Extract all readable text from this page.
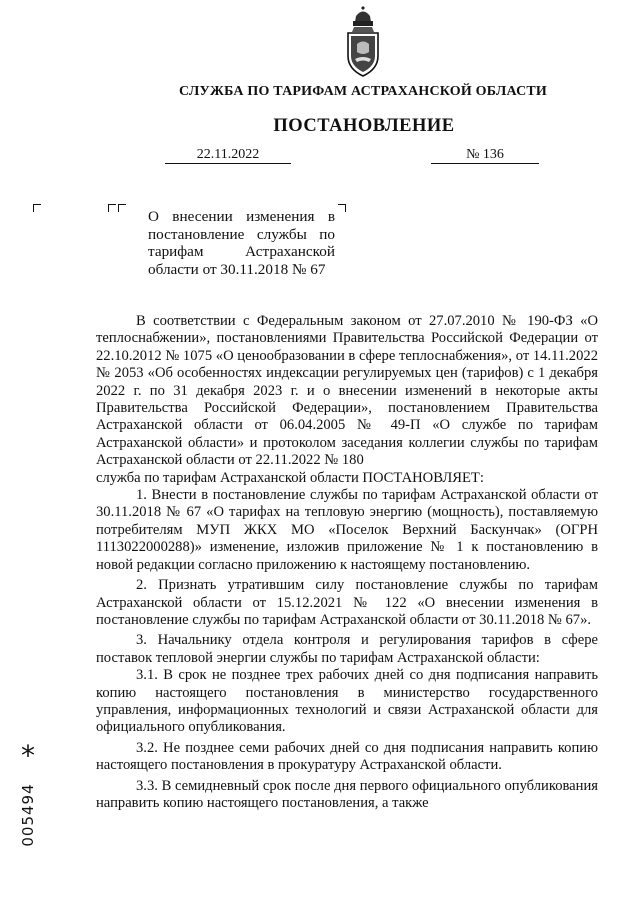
СЛУЖБА ПО ТАРИФАМ АСТРАХАНСКОЙ ОБЛАСТИ
ПОСТАНОВЛЕНИЕ
22.11.2022	№ 136
О внесении изменения в постановление службы по тарифам Астраханской области от 30.11.2018 № 67

В соответствии с Федеральным законом от 27.07.2010 № 190-ФЗ «О теплоснабжении», постановлениями Правительства Российской Федерации от 22.10.2012 № 1075 «О ценообразовании в сфере теплоснабжения», от 14.11.2022 № 2053 «Об особенностях индексации регулируемых цен (тарифов) с 1 декабря 2022 г. по 31 декабря 2023 г. и о внесении изменений в некоторые акты Правительства Российской Федерации», постановлением Правительства Астраханской области от 06.04.2005 № 49-П «О службе по тарифам Астраханской области» и протоколом заседания коллегии службы по тарифам Астраханской области от 22.11.2022 № 180

служба по тарифам Астраханской области ПОСТАНОВЛЯЕТ:

1. Внести в постановление службы по тарифам Астраханской области от 30.11.2018 № 67 «О тарифах на тепловую энергию (мощность), поставляемую потребителям МУП ЖКХ МО «Поселок Верхний Баскунчак» (ОГРН 1113022000288)» изменение, изложив приложение № 1 к постановлению в новой редакции согласно приложению к настоящему постановлению.

2. Признать утратившим силу постановление службы по тарифам Астраханской области от 15.12.2021 № 122 «О внесении изменения в постановление службы по тарифам Астраханской области от 30.11.2018 № 67».

3. Начальнику отдела контроля и регулирования тарифов в сфере поставок тепловой энергии службы по тарифам Астраханской области:

3.1. В срок не позднее трех рабочих дней со дня подписания направить копию настоящего постановления в министерство государственного управления, информационных технологий и связи Астраханской области для официального опубликования.

3.2. Не позднее семи рабочих дней со дня подписания направить копию настоящего постановления в прокуратуру Астраханской области.

3.3. В семидневный срок после дня первого официального опубликования направить копию настоящего постановления, а также

*
005494
